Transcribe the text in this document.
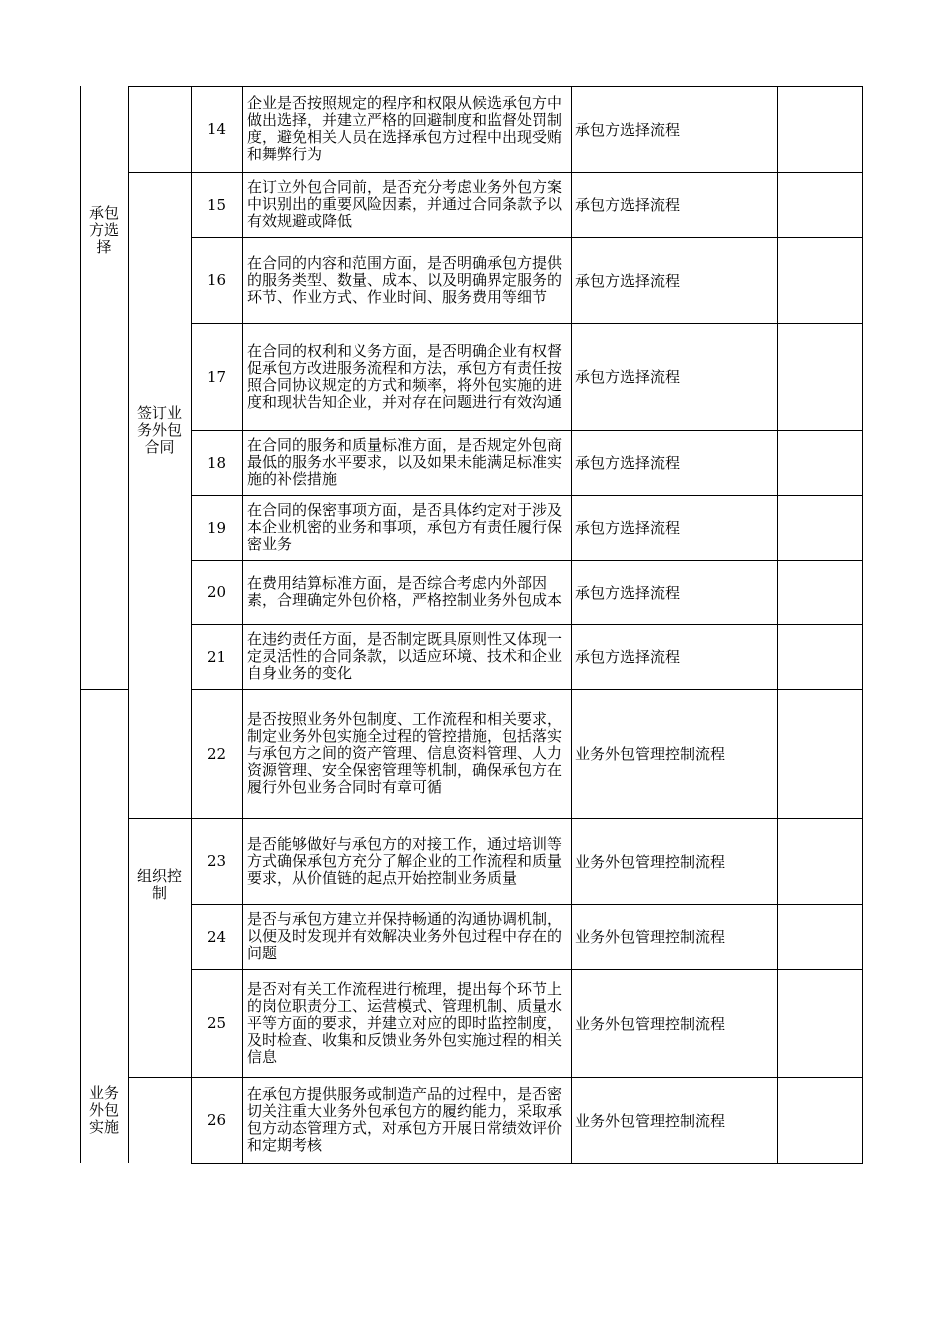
承包方选择
业务外包实施
签订业务外包合同
组织控制
14
企业是否按照规定的程序和权限从候选承包方中做出选择，并建立严格的回避制度和监督处罚制度，避免相关人员在选择承包方过程中出现受贿和舞弊行为
承包方选择流程
15
在订立外包合同前，是否充分考虑业务外包方案中识别出的重要风险因素，并通过合同条款予以有效规避或降低
承包方选择流程
16
在合同的内容和范围方面，是否明确承包方提供的服务类型、数量、成本、以及明确界定服务的环节、作业方式、作业时间、服务费用等细节
承包方选择流程
17
在合同的权利和义务方面，是否明确企业有权督促承包方改进服务流程和方法，承包方有责任按照合同协议规定的方式和频率，将外包实施的进度和现状告知企业，并对存在问题进行有效沟通
承包方选择流程
18
在合同的服务和质量标准方面，是否规定外包商最低的服务水平要求，以及如果未能满足标准实施的补偿措施
承包方选择流程
19
在合同的保密事项方面，是否具体约定对于涉及本企业机密的业务和事项，承包方有责任履行保密业务
承包方选择流程
20	在费用结算标准方面，是否综合考虑内外部因素，合理确定外包价格，严格控制业务外包成本 承包方选择流程
21
在违约责任方面，是否制定既具原则性又体现一定灵活性的合同条款，以适应环境、技术和企业自身业务的变化
承包方选择流程
22
是否按照业务外包制度、工作流程和相关要求，制定业务外包实施全过程的管控措施，包括落实与承包方之间的资产管理、信息资料管理、人力资源管理、安全保密管理等机制，确保承包方在履行外包业务合同时有章可循
业务外包管理控制流程
23
是否能够做好与承包方的对接工作，通过培训等方式确保承包方充分了解企业的工作流程和质量要求，从价值链的起点开始控制业务质量
业务外包管理控制流程
24
是否与承包方建立并保持畅通的沟通协调机制，以便及时发现并有效解决业务外包过程中存在的问题
业务外包管理控制流程
25
是否对有关工作流程进行梳理，提出每个环节上的岗位职责分工、运营模式、管理机制、质量水平等方面的要求，并建立对应的即时监控制度，及时检查、收集和反馈业务外包实施过程的相关信息
业务外包管理控制流程
26
在承包方提供服务或制造产品的过程中，是否密切关注重大业务外包承包方的履约能力，采取承包方动态管理方式，对承包方开展日常绩效评价和定期考核
业务外包管理控制流程
